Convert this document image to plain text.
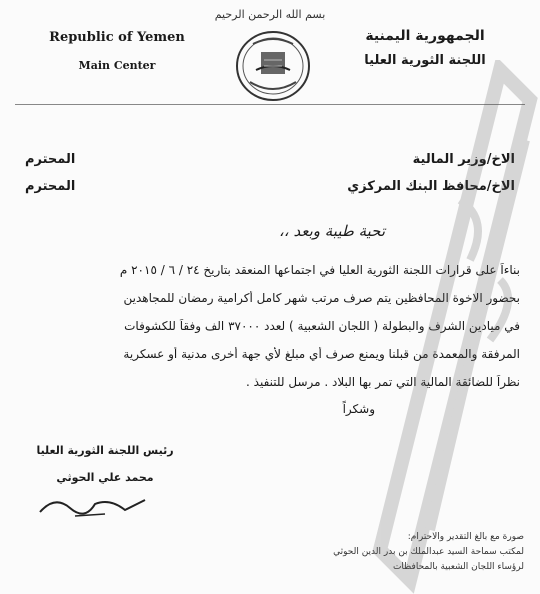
بسم الله الرحمن الرحيم
Republic of Yemen
Main Center
الجمهورية اليمنية
اللجنة الثورية العليا
الاخ/وزير المالية
المحترم
الاخ/محافظ البنك المركزي
المحترم
تحية طيبة وبعد ،،
بناءاً على قرارات اللجنة الثورية العليا في اجتماعها المنعقد بتاريخ ٢٤ / ٦ / ٢٠١٥ م
بحضور الاخوة المحافظين يتم صرف مرتب شهر كامل أكرامية رمضان للمجاهدين
في ميادين الشرف والبطولة ( اللجان الشعبية ) لعدد ٣٧٠٠٠ الف وفقاً للكشوفات
المرفقة والمعمدة من قبلنا ويمنع صرف أي مبلغ لأي جهة أخرى مدنية أو عسكرية
نظراً للضائقة المالية التي تمر بها البلاد . مرسل للتنفيذ .
وشكراً
رئيس اللجنة الثورية العليا
محمد علي الحوثي
صورة مع بالغ التقدير والاحترام:
لمكتب سماحة السيد عبدالملك بن بدر الدين الحوثي
لرؤساء اللجان الشعبية بالمحافظات
